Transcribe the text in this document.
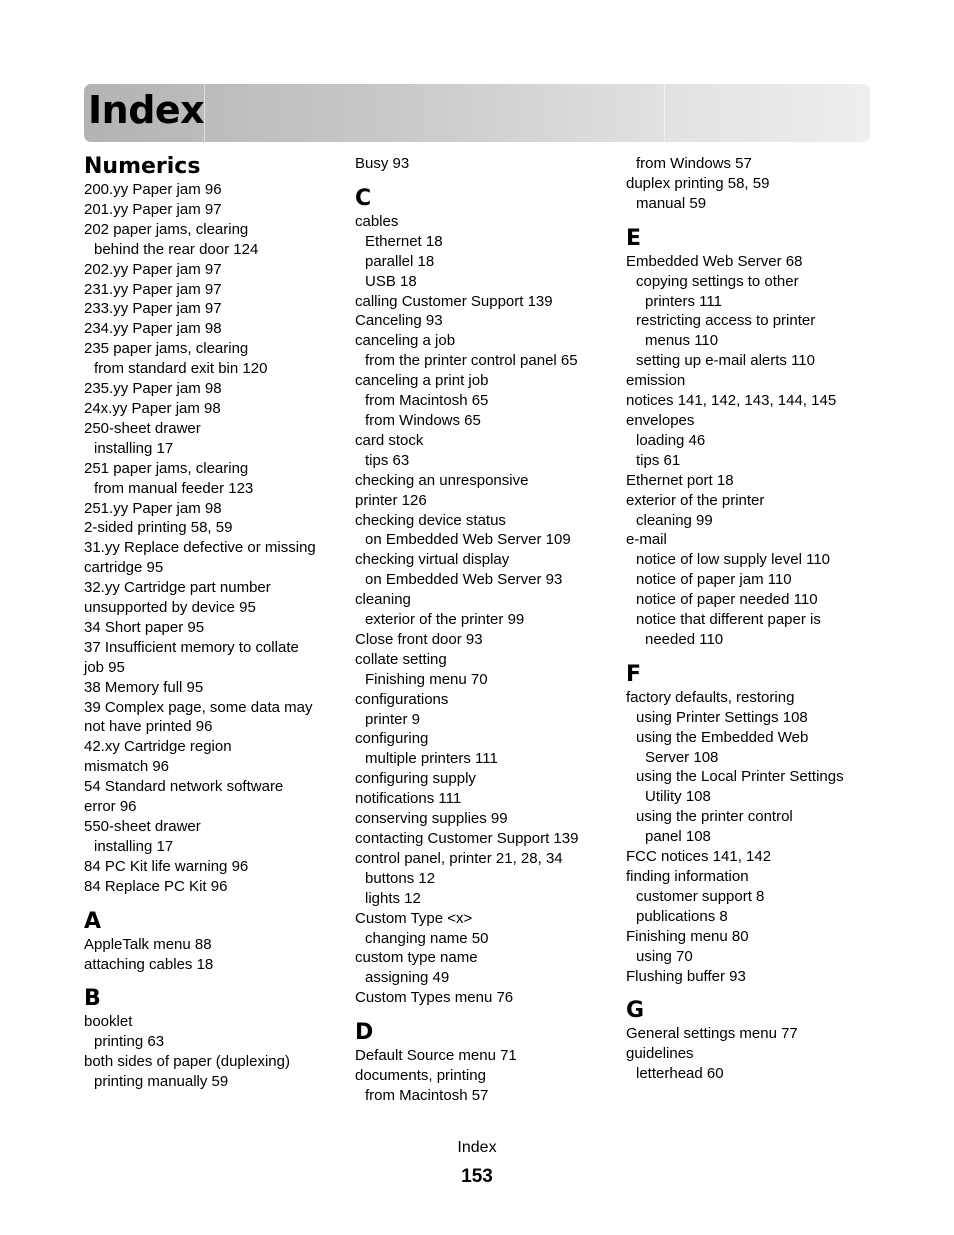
Index
Numerics
200.yy Paper jam 96
201.yy Paper jam 97
202 paper jams, clearing
behind the rear door 124
202.yy Paper jam 97
231.yy Paper jam 97
233.yy Paper jam 97
234.yy Paper jam 98
235 paper jams, clearing
from standard exit bin 120
235.yy Paper jam 98
24x.yy Paper jam 98
250-sheet drawer
installing 17
251 paper jams, clearing
from manual feeder 123
251.yy Paper jam 98
2-sided printing 58, 59
31.yy Replace defective or missing
cartridge 95
32.yy Cartridge part number
unsupported by device 95
34 Short paper 95
37 Insufficient memory to collate
job 95
38 Memory full 95
39 Complex page, some data may
not have printed 96
42.xy Cartridge region
mismatch 96
54 Standard network software
error 96
550-sheet drawer
installing 17
84 PC Kit life warning 96
84 Replace PC Kit 96
A
AppleTalk menu 88
attaching cables 18
B
booklet
printing 63
both sides of paper (duplexing)
printing manually 59
Busy 93
C
cables
Ethernet 18
parallel 18
USB 18
calling Customer Support 139
Canceling 93
canceling a job
from the printer control panel 65
canceling a print job
from Macintosh 65
from Windows 65
card stock
tips 63
checking an unresponsive
printer 126
checking device status
on Embedded Web Server 109
checking virtual display
on Embedded Web Server 93
cleaning
exterior of the printer 99
Close front door 93
collate setting
Finishing menu 70
configurations
printer 9
configuring
multiple printers 111
configuring supply
notifications 111
conserving supplies 99
contacting Customer Support 139
control panel, printer 21, 28, 34
buttons 12
lights 12
Custom Type <x>
changing name 50
custom type name
assigning 49
Custom Types menu 76
D
Default Source menu 71
documents, printing
from Macintosh 57
from Windows 57
duplex printing 58, 59
manual 59
E
Embedded Web Server 68
copying settings to other
printers 111
restricting access to printer
menus 110
setting up e-mail alerts 110
emission
notices 141, 142, 143, 144, 145
envelopes
loading 46
tips 61
Ethernet port 18
exterior of the printer
cleaning 99
e-mail
notice of low supply level 110
notice of paper jam 110
notice of paper needed 110
notice that different paper is
needed 110
F
factory defaults, restoring
using Printer Settings 108
using the Embedded Web
Server 108
using the Local Printer Settings
Utility 108
using the printer control
panel 108
FCC notices 141, 142
finding information
customer support 8
publications 8
Finishing menu 80
using 70
Flushing buffer 93
G
General settings menu 77
guidelines
letterhead 60
Index
153
